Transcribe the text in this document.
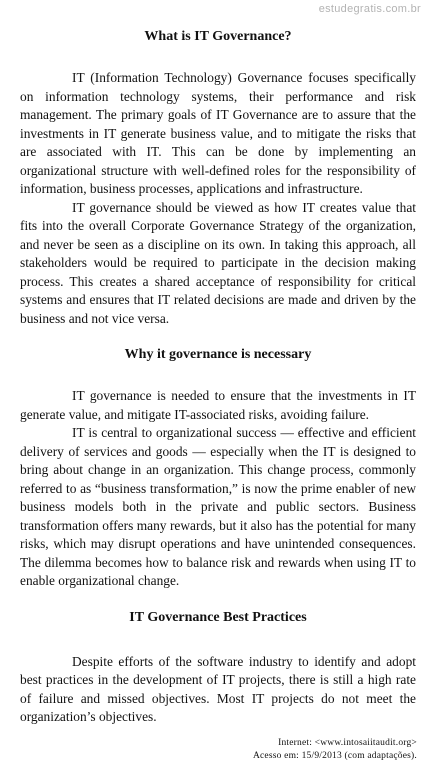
estudegratis.com.br
What is IT Governance?

IT (Information Technology) Governance focuses specifically on information technology systems, their performance and risk management. The primary goals of IT Governance are to assure that the investments in IT generate business value, and to mitigate the risks that are associated with IT. This can be done by implementing an organizational structure with well-defined roles for the responsibility of information, business processes, applications and infrastructure.

IT governance should be viewed as how IT creates value that fits into the overall Corporate Governance Strategy of the organization, and never be seen as a discipline on its own. In taking this approach, all stakeholders would be required to participate in the decision making process. This creates a shared acceptance of responsibility for critical systems and ensures that IT related decisions are made and driven by the business and not vice versa.

Why it governance is necessary

IT governance is needed to ensure that the investments in IT generate value, and mitigate IT-associated risks, avoiding failure.

IT is central to organizational success — effective and efficient delivery of services and goods — especially when the IT is designed to bring about change in an organization. This change process, commonly referred to as “business transformation,” is now the prime enabler of new business models both in the private and public sectors. Business transformation offers many rewards, but it also has the potential for many risks, which may disrupt operations and have unintended consequences. The dilemma becomes how to balance risk and rewards when using IT to enable organizational change.

IT Governance Best Practices

Despite efforts of the software industry to identify and adopt best practices in the development of IT projects, there is still a high rate of failure and missed objectives. Most IT projects do not meet the organization’s objectives.

Internet: <www.intosaiitaudit.org>
Acesso em: 15/9/2013 (com adaptações).
